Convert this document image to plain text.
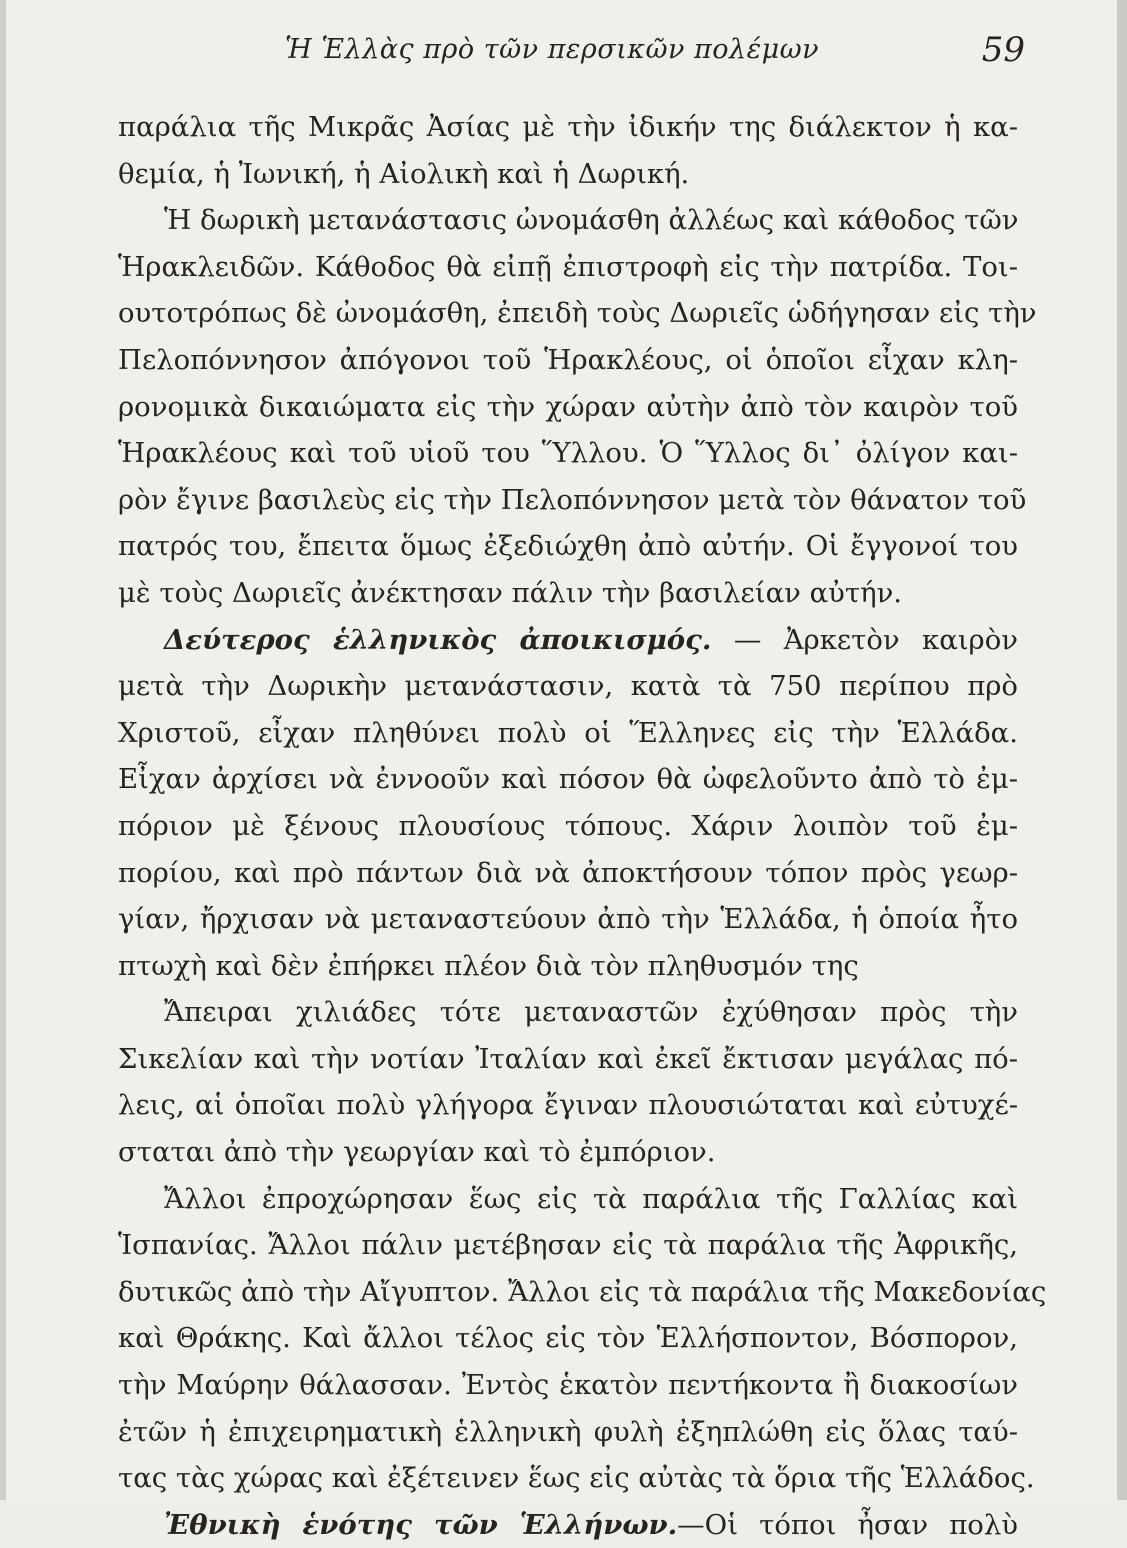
Ἡ Ἑλλὰς πρὸ τῶν περσικῶν πολέμων	59
παράλια τῆς Μικρᾶς Ἀσίας μὲ τὴν ἰδικήν της διάλεκτον ἡ κα-
θεμία, ἡ Ἰωνική, ἡ Αἰολικὴ καὶ ἡ Δωρική.
Ἡ δωρικὴ μετανάστασις ὠνομάσθη ἀλλέως καὶ κάθοδος τῶν
Ἡρακλειδῶν. Κάθοδος θὰ εἰπῇ ἐπιστροφὴ εἰς τὴν πατρίδα. Τοι-
ουτοτρόπως δὲ ὠνομάσθη, ἐπειδὴ τοὺς Δωριεῖς ὡδήγησαν εἰς τὴν
Πελοπόννησον ἀπόγονοι τοῦ Ἡρακλέους, οἱ ὁποῖοι εἶχαν κλη-
ρονομικὰ δικαιώματα εἰς τὴν χώραν αὐτὴν ἀπὸ τὸν καιρὸν τοῦ
Ἡρακλέους καὶ τοῦ υἱοῦ του Ὕλλου. Ὁ Ὕλλος δι᾽ ὀλίγον και-
ρὸν ἔγινε βασιλεὺς εἰς τὴν Πελοπόννησον μετὰ τὸν θάνατον τοῦ
πατρός του, ἔπειτα ὅμως ἐξεδιώχθη ἀπὸ αὐτήν. Οἱ ἔγγονοί του
μὲ τοὺς Δωριεῖς ἀνέκτησαν πάλιν τὴν βασιλείαν αὐτήν.
Δεύτερος ἑλληνικὸς ἀποικισμός. — Ἀρκετὸν καιρὸν
μετὰ τὴν Δωρικὴν μετανάστασιν, κατὰ τὰ 750 περίπου πρὸ
Χριστοῦ, εἶχαν πληθύνει πολὺ οἱ Ἕλληνες εἰς τὴν Ἑλλάδα.
Εἶχαν ἀρχίσει νὰ ἐννοοῦν καὶ πόσον θὰ ὠφελοῦντο ἀπὸ τὸ ἐμ-
πόριον μὲ ξένους πλουσίους τόπους. Χάριν λοιπὸν τοῦ ἐμ-
πορίου, καὶ πρὸ πάντων διὰ νὰ ἀποκτήσουν τόπον πρὸς γεωρ-
γίαν, ἤρχισαν νὰ μεταναστεύουν ἀπὸ τὴν Ἑλλάδα, ἡ ὁποία ἦτο
πτωχὴ καὶ δὲν ἐπήρκει πλέον διὰ τὸν πληθυσμόν της
Ἄπειραι χιλιάδες τότε μεταναστῶν ἐχύθησαν πρὸς τὴν
Σικελίαν καὶ τὴν νοτίαν Ἰταλίαν καὶ ἐκεῖ ἔκτισαν μεγάλας πό-
λεις, αἱ ὁποῖαι πολὺ γλήγορα ἔγιναν πλουσιώταται καὶ εὐτυχέ-
σταται ἀπὸ τὴν γεωργίαν καὶ τὸ ἐμπόριον.
Ἄλλοι ἐπροχώρησαν ἕως εἰς τὰ παράλια τῆς Γαλλίας καὶ
Ἱσπανίας. Ἄλλοι πάλιν μετέβησαν εἰς τὰ παράλια τῆς Ἀφρικῆς,
δυτικῶς ἀπὸ τὴν Αἴγυπτον. Ἄλλοι εἰς τὰ παράλια τῆς Μακεδονίας
καὶ Θράκης. Καὶ ἄλλοι τέλος εἰς τὸν Ἑλλήσποντον, Βόσπορον,
τὴν Μαύρην θάλασσαν. Ἐντὸς ἑκατὸν πεντήκοντα ἢ διακοσίων
ἐτῶν ἡ ἐπιχειρηματικὴ ἑλληνικὴ φυλὴ ἐξηπλώθη εἰς ὅλας ταύ-
τας τὰς χώρας καὶ ἐξέτεινεν ἕως εἰς αὐτὰς τὰ ὅρια τῆς Ἑλλάδος.
Ἐθνικὴ ἑνότης τῶν Ἑλλήνων.—Οἱ τόποι ἦσαν πολὺ
